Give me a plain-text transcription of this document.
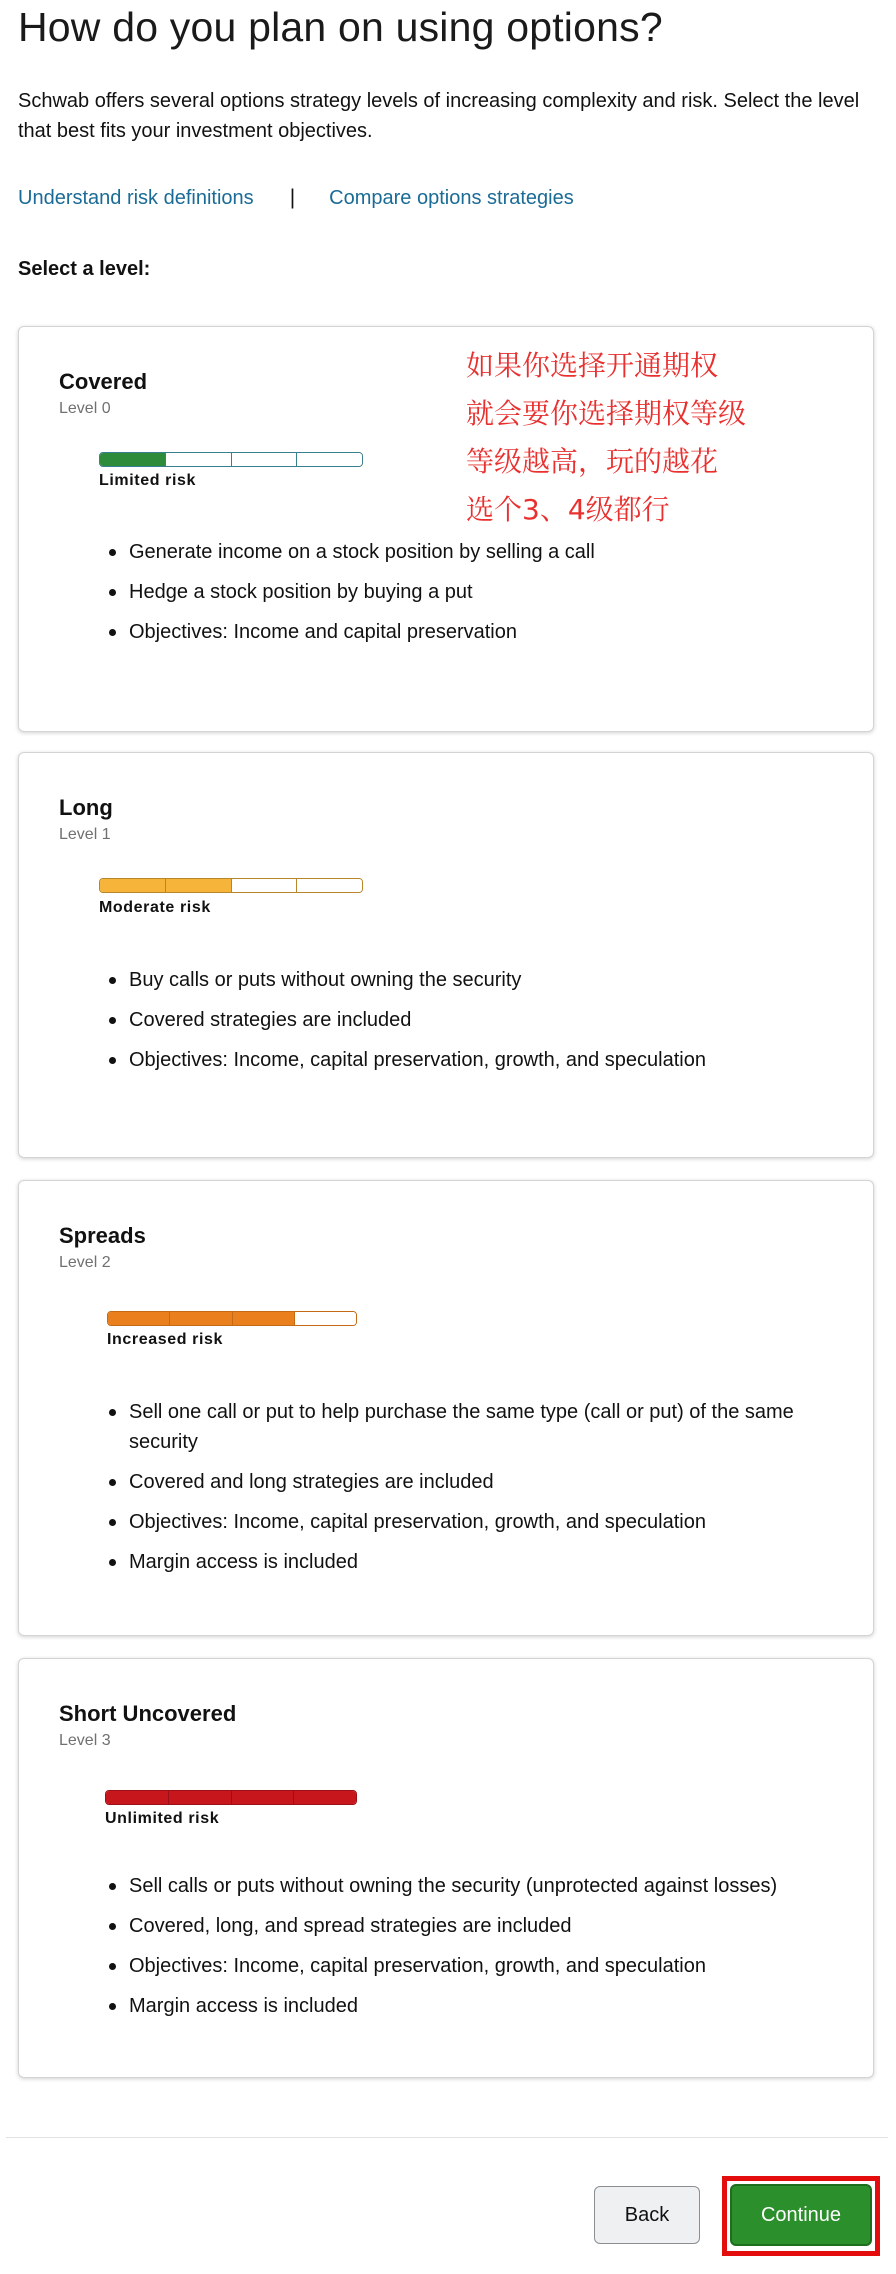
How do you plan on using options?

Schwab offers several options strategy levels of increasing complexity and risk. Select the level that best fits your investment objectives.

Understand risk definitions | Compare options strategies
Select a level:
Covered
Level 0
Limited risk
Generate income on a stock position by selling a call
Hedge a stock position by buying a put
Objectives: Income and capital preservation
Long
Level 1
Moderate risk
Buy calls or puts without owning the security
Covered strategies are included
Objectives: Income, capital preservation, growth, and speculation
Spreads
Level 2
Increased risk
Sell one call or put to help purchase the same type (call or put) of the same security
Covered and long strategies are included
Objectives: Income, capital preservation, growth, and speculation
Margin access is included
Short Uncovered
Level 3
Unlimited risk
Sell calls or puts without owning the security (unprotected against losses)
Covered, long, and spread strategies are included
Objectives: Income, capital preservation, growth, and speculation
Margin access is included
如果你选择开通期权
就会要你选择期权等级
等级越高，玩的越花
选个3、4级都行
Back	Continue
